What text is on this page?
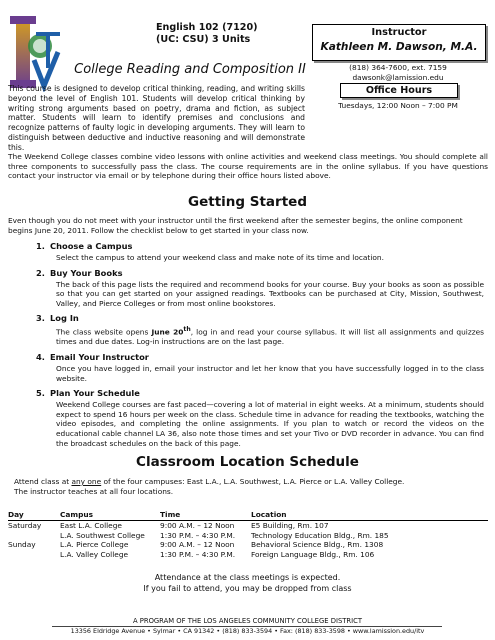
English 102 (7120)
(UC: CSU) 3 Units
College Reading and Composition II
This course is designed to develop critical thinking, reading, and writing skills beyond the level of English 101. Students will develop critical thinking by writing strong arguments based on poetry, drama and fiction, as subject matter. Students will learn to identify premises and conclusions and recognize patterns of faulty logic in developing arguments. They will learn to distinguish between deductive and inductive reasoning and will demonstrate this.
Instructor
Kathleen M. Dawson, M.A.
(818) 364-7600, ext. 7159
dawsonk@lamission.edu
Office Hours
Tuesdays, 12:00 Noon – 7:00 PM
The Weekend College classes combine video lessons with online activities and weekend class meetings. You should complete all three components to successfully pass the class. The course requirements are in the online syllabus. If you have questions contact your instructor via email or by telephone during their office hours listed above.
Getting Started
Even though you do not meet with your instructor until the first weekend after the semester begins, the online component begins June 20, 2011. Follow the checklist below to get started in your class now.
1. Choose a Campus
Select the campus to attend your weekend class and make note of its time and location.
2. Buy Your Books
The back of this page lists the required and recommend books for your course. Buy your books as soon as possible so that you can get started on your assigned readings. Textbooks can be purchased at City, Mission, Southwest, Valley, and Pierce Colleges or from most online bookstores.
3. Log In
The class website opens June 20th, log in and read your course syllabus. It will list all assignments and quizzes times and due dates. Log-in instructions are on the last page.
4. Email Your Instructor
Once you have logged in, email your instructor and let her know that you have successfully logged in to the class website.
5. Plan Your Schedule
Weekend College courses are fast paced—covering a lot of material in eight weeks. At a minimum, students should expect to spend 16 hours per week on the class. Schedule time in advance for reading the textbooks, watching the video episodes, and completing the online assignments. If you plan to watch or record the videos on the educational cable channel LA 36, also note those times and set your Tivo or DVD recorder in advance. You can find the broadcast schedules on the back of this page.
Classroom Location Schedule
Attend class at any one of the four campuses: East L.A., L.A. Southwest, L.A. Pierce or L.A. Valley College.
The instructor teaches at all four locations.
Day	Campus	Time	Location
Saturday	East L.A. College	9:00 A.M. – 12 Noon	E5 Building, Rm. 107
	L.A. Southwest College	1:30 P.M. – 4:30 P.M.	Technology Education Bldg., Rm. 185
Sunday	L.A. Pierce College	9:00 A.M. – 12 Noon	Behavioral Science Bldg., Rm. 1308
	L.A. Valley College	1:30 P.M. – 4:30 P.M.	Foreign Language Bldg., Rm. 106
Attendance at the class meetings is expected.
If you fail to attend, you may be dropped from class
A PROGRAM OF THE LOS ANGELES COMMUNITY COLLEGE DISTRICT
13356 Eldridge Avenue • Sylmar • CA 91342 • (818) 833-3594 • Fax: (818) 833-3598 • www.lamission.edu/itv
